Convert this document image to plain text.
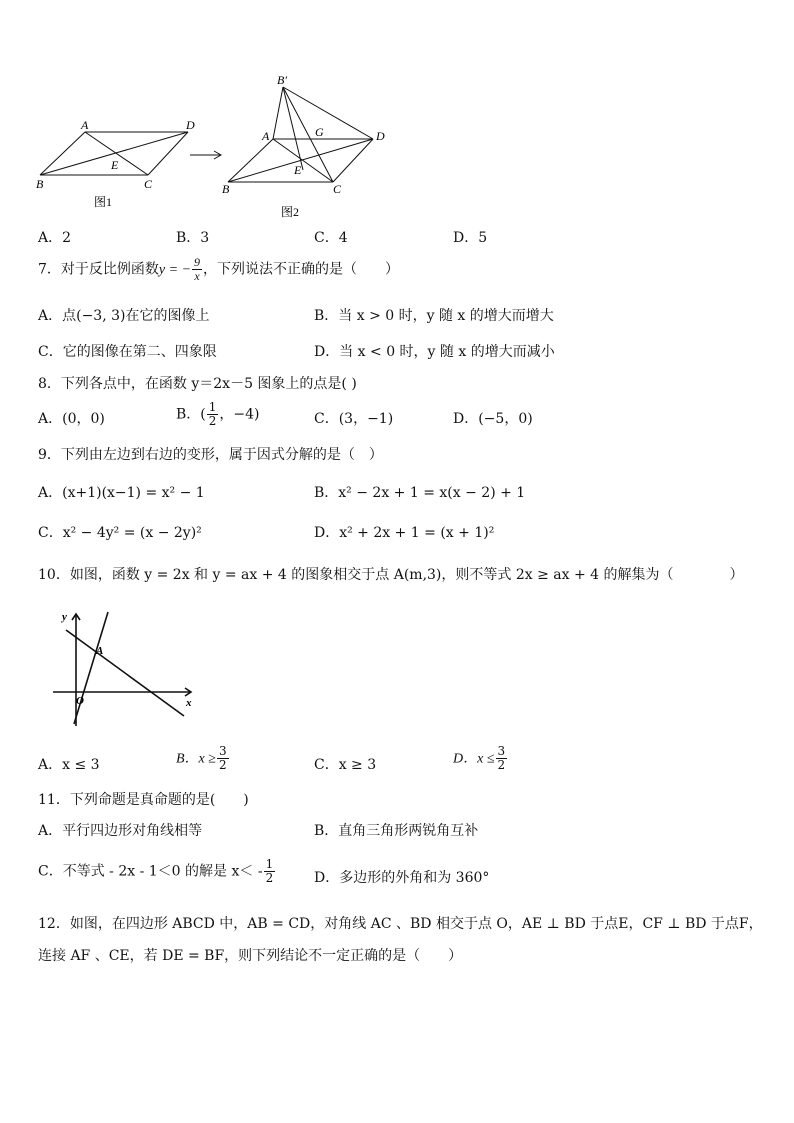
A	D
B	C
E
图1
B′
A	G	D
E
B	C
图2
A．2	B．3	C．4	D．5
7．对于反比例函数y = − $\frac{9}{x}$ ，下列说法不正确的是（　　）
A．点(−3, 3)在它的图像上	B．当 x > 0 时，y 随 x 的增大而增大
C．它的图像在第二、四象限	D．当 x < 0 时，y 随 x 的增大而减小
8．下列各点中，在函数 y＝2x－5 图象上的点是( )
A．(0，0)	B．( $\frac{1}{2}$ ，−4)	C．(3，−1)	D．(−5，0)
9．下列由左边到右边的变形，属于因式分解的是（　）
A．(x+1)(x−1) = x² − 1	B．x² − 2x + 1 = x(x − 2) + 1
C．x² − 4y² = (x − 2y)²	D．x² + 2x + 1 = (x + 1)²
10．如图，函数 y = 2x 和 y = ax + 4 的图象相交于点 A(m,3)，则不等式 2x ≥ ax + 4 的解集为（　　　　）
y
x
O
A
A．x ≤ 3	B．$x \ge \frac{3}{2}$	C．x ≥ 3	D．$x \le \frac{3}{2}$
11．下列命题是真命题的是(　　)
A．平行四边形对角线相等	B．直角三角形两锐角互补
C．不等式 - 2x - 1＜0 的解是 $x< - \frac{1}{2}$	D．多边形的外角和为 360°
12．如图，在四边形 ABCD 中，AB = CD，对角线 AC 、BD 相交于点 O，AE ⊥ BD 于点E，CF ⊥ BD 于点F，
连接 AF 、CE，若 DE = BF，则下列结论不一定正确的是（　　）
